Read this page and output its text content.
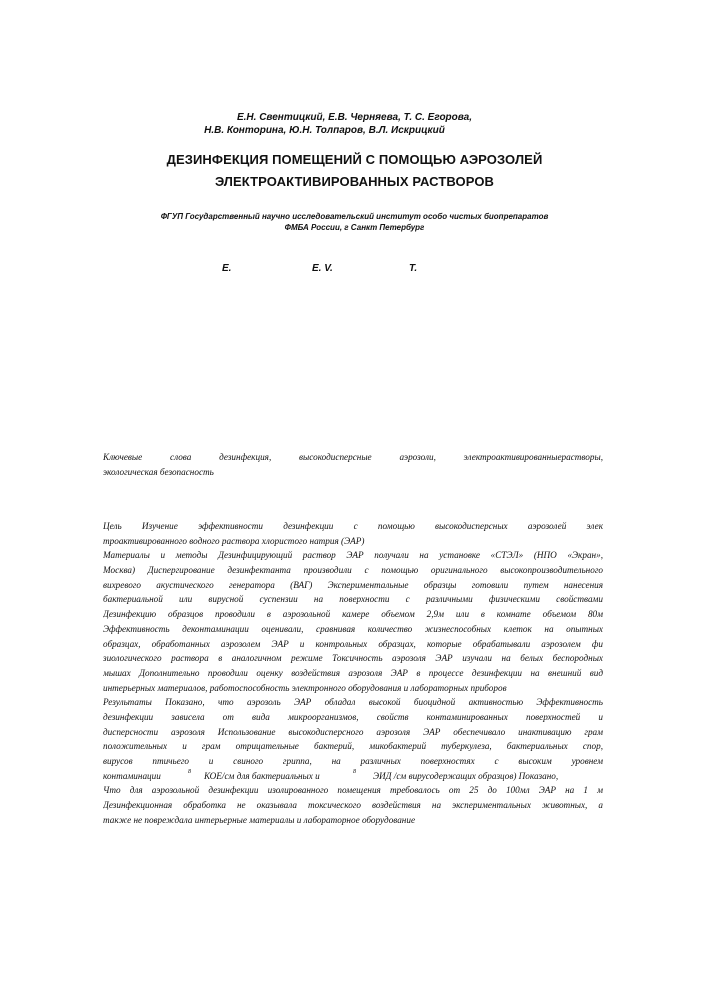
Е.Н. Свентицкий, Е.В. Черняева, Т. С. Егорова,
Н.В. Конторина, Ю.Н. Толпаров, В.Л. Искрицкий
ДЕЗИНФЕКЦИЯ ПОМЕЩЕНИЙ С ПОМОЩЬЮ АЭРОЗОЛЕЙ
ЭЛЕКТРОАКТИВИРОВАННЫХ РАСТВОРОВ
ФГУП Государственный научно исследовательский институт особо чистых биопрепаратов
ФМБА России, г Санкт Петербург
E.	E. V.	T.
Ключевые слова дезинфекция, высокодисперсные аэрозоли, электроактивированныерастворы,
экологическая безопасность
Цель Изучение эффективности дезинфекции с помощью высокодисперсных аэрозолей элек
троактивированного водного раствора хлористого натрия (ЭАР)
Материалы и методы Дезинфицирующий раствор ЭАР получали на установке «СТЭЛ» (НПО «Экран»,
Москва) Диспергирование дезинфектанта производили с помощью оригинального высокопроизводительного
вихревого акустического генератора (ВАГ) Экспериментальные образцы готовили путем нанесения
бактериальной или вирусной суспензии на поверхности с различными физическими свойствами
Дезинфекцию образцов проводили в аэрозольной камере объемом 2,9м или в комнате объемом 80м
Эффективность деконтаминации оценивали, сравнивая количество жизнеспособных клеток на опытных
образцах, обработанных аэрозолем ЭАР и контрольных образцах, которые обрабатывали аэрозолем фи
зиологического раствора в аналогичном режиме Токсичность аэрозоля ЭАР изучали на белых беспородных
мышах Дополнительно проводили оценку воздействия аэрозоля ЭАР в процессе дезинфекции на внешний вид
интерьерных материалов, работоспособность электронного оборудования и лабораторных приборов
Результаты Показано, что аэрозоль ЭАР обладал высокой биоцидной активностью Эффективность
дезинфекции зависела от вида микроорганизмов, свойств контаминированных поверхностей и
дисперсности аэрозоля Использование высокодисперсного аэрозоля ЭАР обеспечивало инактивацию грам
положительных и грам отрицательные бактерий, микобактерий туберкулеза, бактериальных спор,
вирусов птичьего и свиного гриппа, на различных поверхностях с высоким уровнем
контаминации	8 КОЕ/см для бактериальных и	8 ЭИД /см вирусодержащих образцов) Показано,
Что для аэрозольной дезинфекции изолированного помещения требовалось от 25 до 100мл ЭАР на 1 м
Дезинфекционная обработка не оказывала токсического воздействия на экспериментальных животных, а
также не повреждала интерьерные материалы и лабораторное оборудование
